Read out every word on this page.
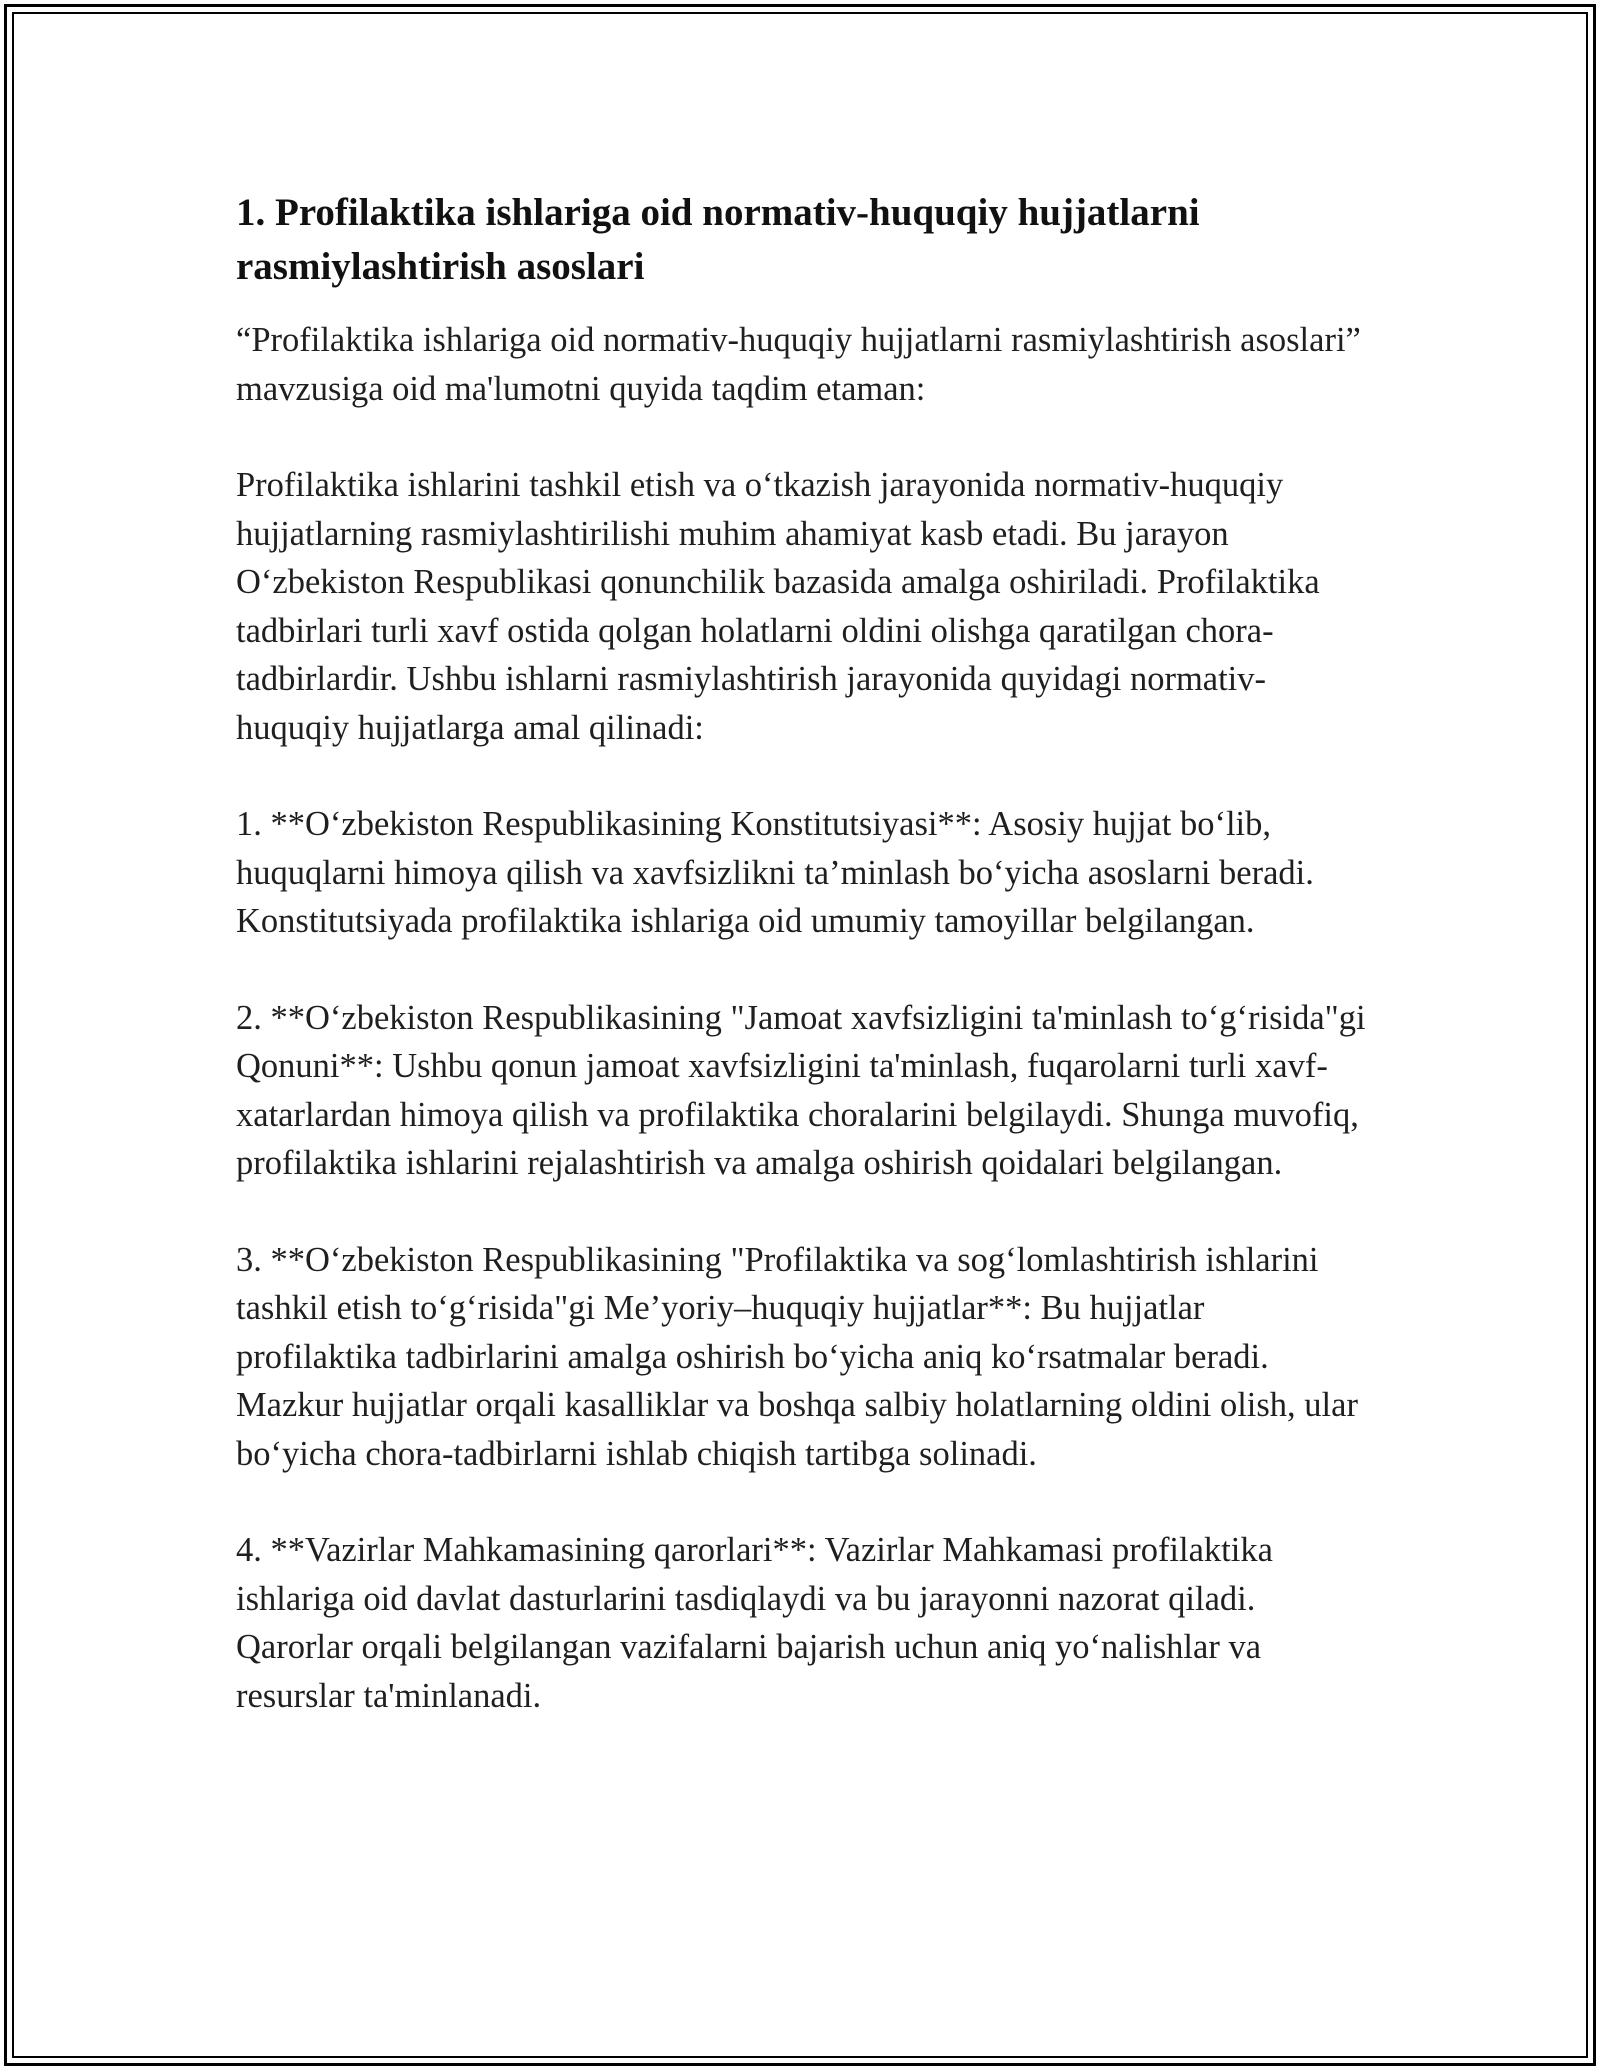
1. Profilaktika ishlariga oid normativ-huquqiy hujjatlarni rasmiylashtirish asoslari

“Profilaktika ishlariga oid normativ-huquqiy hujjatlarni rasmiylashtirish asoslari” mavzusiga oid ma'lumotni quyida taqdim etaman:

Profilaktika ishlarini tashkil etish va o‘tkazish jarayonida normativ-huquqiy hujjatlarning rasmiylashtirilishi muhim ahamiyat kasb etadi. Bu jarayon O‘zbekiston Respublikasi qonunchilik bazasida amalga oshiriladi. Profilaktika tadbirlari turli xavf ostida qolgan holatlarni oldini olishga qaratilgan chora-tadbirlardir. Ushbu ishlarni rasmiylashtirish jarayonida quyidagi normativ-huquqiy hujjatlarga amal qilinadi:

1. **O‘zbekiston Respublikasining Konstitutsiyasi**: Asosiy hujjat bo‘lib, huquqlarni himoya qilish va xavfsizlikni ta’minlash bo‘yicha asoslarni beradi. Konstitutsiyada profilaktika ishlariga oid umumiy tamoyillar belgilangan.

2. **O‘zbekiston Respublikasining "Jamoat xavfsizligini ta'minlash to‘g‘risida"gi Qonuni**: Ushbu qonun jamoat xavfsizligini ta'minlash, fuqarolarni turli xavf-xatarlardan himoya qilish va profilaktika choralarini belgilaydi. Shunga muvofiq, profilaktika ishlarini rejalashtirish va amalga oshirish qoidalari belgilangan.

3. **O‘zbekiston Respublikasining "Profilaktika va sog‘lomlashtirish ishlarini tashkil etish to‘g‘risida"gi Me’yoriy–huquqiy hujjatlar**: Bu hujjatlar profilaktika tadbirlarini amalga oshirish bo‘yicha aniq ko‘rsatmalar beradi. Mazkur hujjatlar orqali kasalliklar va boshqa salbiy holatlarning oldini olish, ular bo‘yicha chora-tadbirlarni ishlab chiqish tartibga solinadi.

4. **Vazirlar Mahkamasining qarorlari**: Vazirlar Mahkamasi profilaktika ishlariga oid davlat dasturlarini tasdiqlaydi va bu jarayonni nazorat qiladi. Qarorlar orqali belgilangan vazifalarni bajarish uchun aniq yo‘nalishlar va resurslar ta'minlanadi.
